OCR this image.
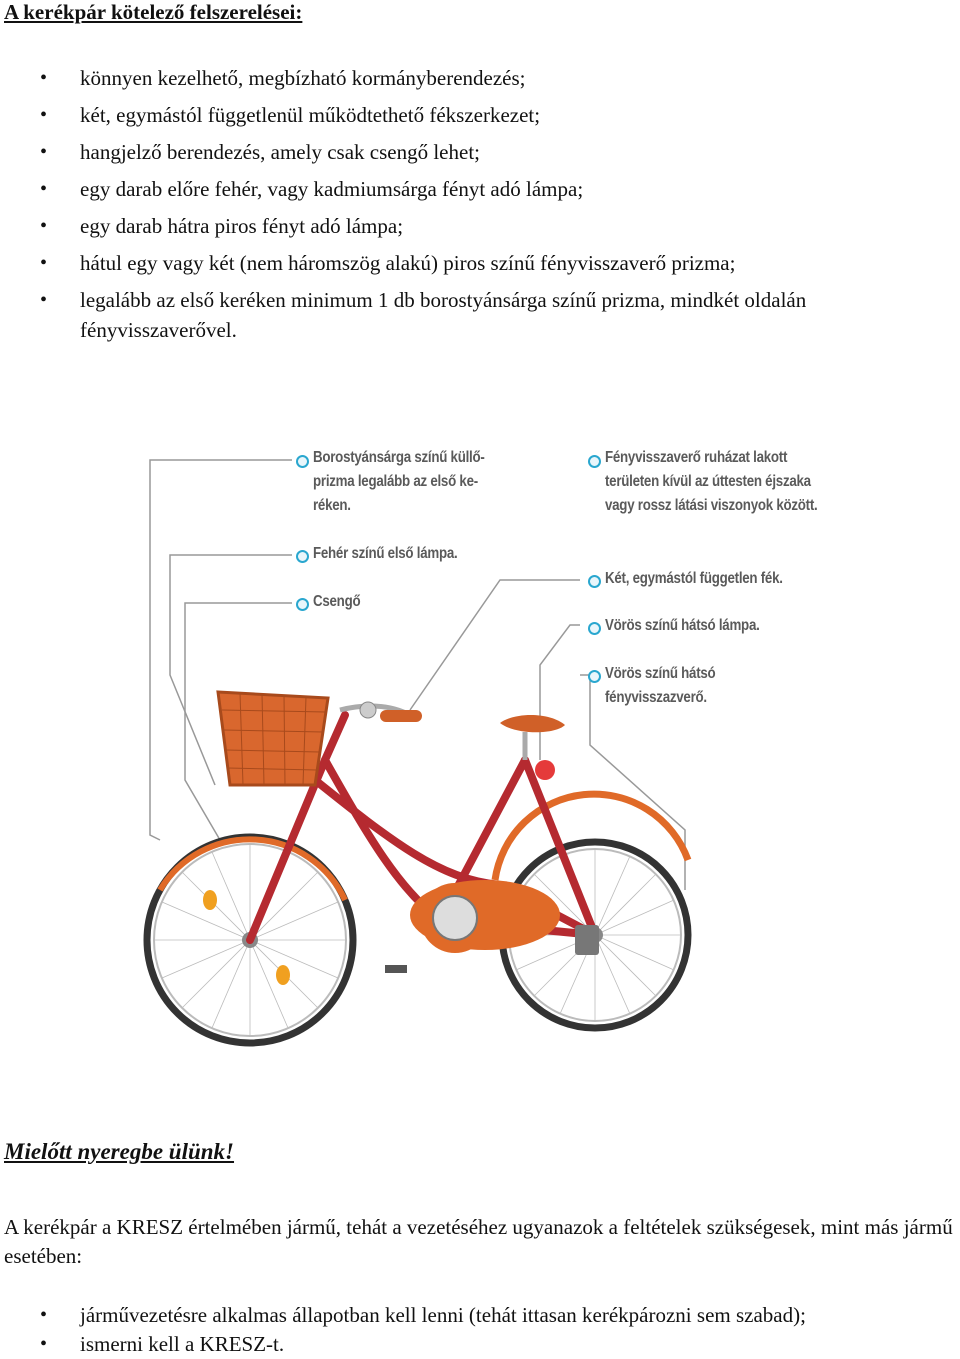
A kerékpár kötelező felszerelései:
• könnyen kezelhető, megbízható kormányberendezés;
• két, egymástól függetlenül működtethető fékszerkezet;
• hangjelző berendezés, amely csak csengő lehet;
• egy darab előre fehér, vagy kadmiumsárga fényt adó lámpa;
• egy darab hátra piros fényt adó lámpa;
• hátul egy vagy két (nem háromszög alakú) piros színű fényvisszaverő prizma;
• legalább az első keréken minimum 1 db borostyánsárga színű prizma, mindkét oldalán fényvisszaverővel.
Borostyánsárga színű küllő-prizma legalább az első ke-réken.
Fehér színű első lámpa.
Csengő
Fényvisszaverő ruházat lakott területen kívül az úttesten éjszaka vagy rossz látási viszonyok között.
Két, egymástól független fék.
Vörös színű hátsó lámpa.
Vörös színű hátsó fényvisszazverő.
Mielőtt nyeregbe ülünk!

A kerékpár a KRESZ értelmében jármű, tehát a vezetéséhez ugyanazok a feltételek szükségesek, mint más jármű esetében:

• járművezetésre alkalmas állapotban kell lenni (tehát ittasan kerékpározni sem szabad);
• ismerni kell a KRESZ-t.
